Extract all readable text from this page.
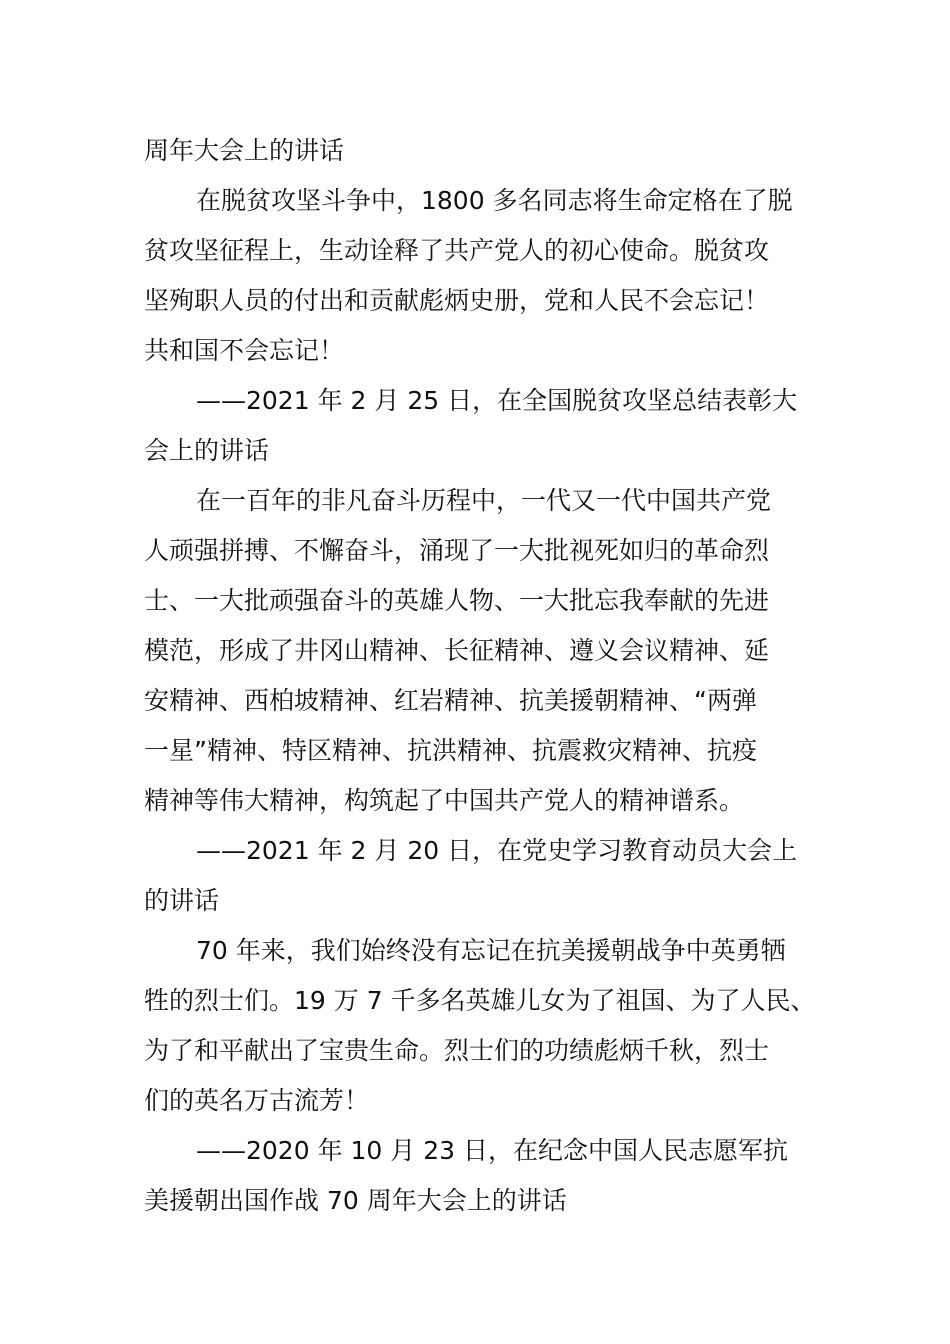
周年大会上的讲话
在脱贫攻坚斗争中，1800 多名同志将生命定格在了脱
贫攻坚征程上，生动诠释了共产党人的初心使命。脱贫攻
坚殉职人员的付出和贡献彪炳史册，党和人民不会忘记！
共和国不会忘记！
——2021 年 2 月 25 日，在全国脱贫攻坚总结表彰大
会上的讲话
在一百年的非凡奋斗历程中，一代又一代中国共产党
人顽强拼搏、不懈奋斗，涌现了一大批视死如归的革命烈
士、一大批顽强奋斗的英雄人物、一大批忘我奉献的先进
模范，形成了井冈山精神、长征精神、遵义会议精神、延
安精神、西柏坡精神、红岩精神、抗美援朝精神、“两弹
一星”精神、特区精神、抗洪精神、抗震救灾精神、抗疫
精神等伟大精神，构筑起了中国共产党人的精神谱系。
——2021 年 2 月 20 日，在党史学习教育动员大会上
的讲话
70 年来，我们始终没有忘记在抗美援朝战争中英勇牺
牲的烈士们。19 万 7 千多名英雄儿女为了祖国、为了人民、
为了和平献出了宝贵生命。烈士们的功绩彪炳千秋，烈士
们的英名万古流芳！
——2020 年 10 月 23 日，在纪念中国人民志愿军抗
美援朝出国作战 70 周年大会上的讲话
